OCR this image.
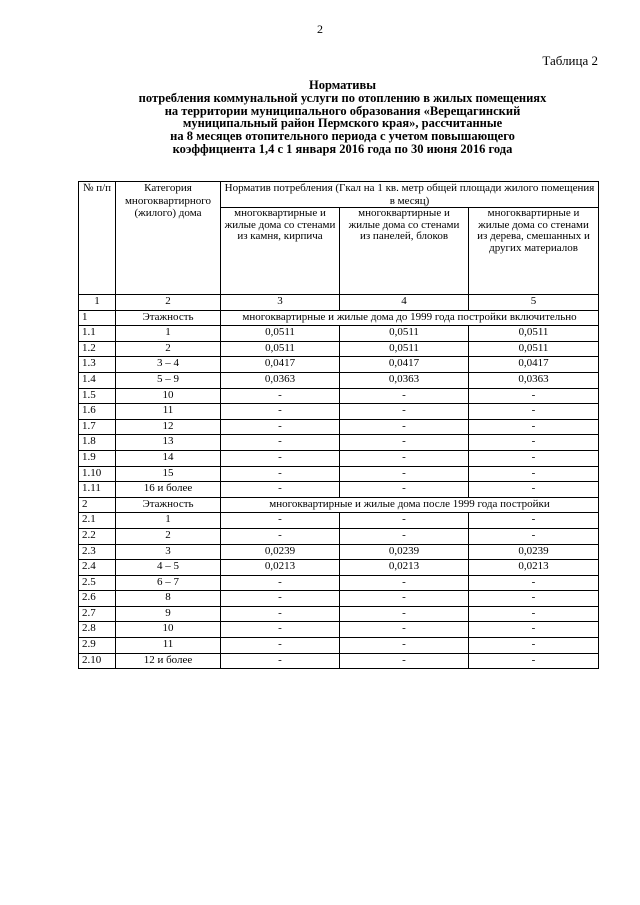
2
Таблица 2
Нормативы
потребления коммунальной услуги по отоплению в жилых помещениях
на территории муниципального образования «Верещагинский
муниципальный район Пермского края», рассчитанные
на 8 месяцев отопительного периода с учетом повышающего
коэффициента 1,4 с 1 января 2016 года по 30 июня 2016 года
№ п/п	Категория многоквартирного (жилого) дома	Норматив потребления (Гкал на 1 кв. метр общей площади жилого помещения в месяц)		
		многоквартирные и жилые дома со стенами из камня, кирпича	многоквартирные и жилые дома со стенами из панелей, блоков	многоквартирные и жилые дома со стенами из дерева, смешанных и других материалов
1	2	3	4	5
1	Этажность	многоквартирные и жилые дома до 1999 года постройки включительно		
1.1	1	0,0511	0,0511	0,0511
1.2	2	0,0511	0,0511	0,0511
1.3	3 – 4	0,0417	0,0417	0,0417
1.4	5 – 9	0,0363	0,0363	0,0363
1.5	10	-	-	-
1.6	11	-	-	-
1.7	12	-	-	-
1.8	13	-	-	-
1.9	14	-	-	-
1.10	15	-	-	-
1.11	16 и более	-	-	-
2	Этажность	многоквартирные и жилые дома после 1999 года постройки		
2.1	1	-	-	-
2.2	2	-	-	-
2.3	3	0,0239	0,0239	0,0239
2.4	4 – 5	0,0213	0,0213	0,0213
2.5	6 – 7	-	-	-
2.6	8	-	-	-
2.7	9	-	-	-
2.8	10	-	-	-
2.9	11	-	-	-
2.10	12 и более	-	-	-
